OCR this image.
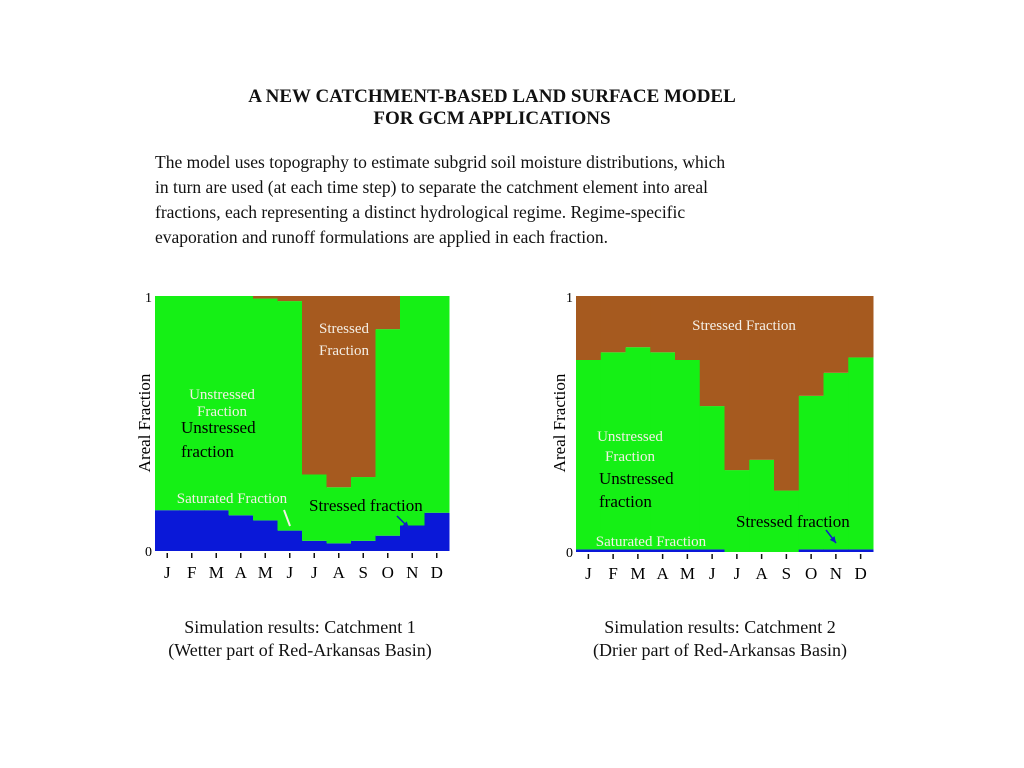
A NEW CATCHMENT-BASED LAND SURFACE MODEL
FOR GCM APPLICATIONS
The model uses topography to estimate subgrid soil moisture distributions, which
in turn are used (at each time step) to separate the catchment element into areal
fractions, each representing a distinct hydrological regime. Regime-specific
evaporation and runoff formulations are applied in each fraction.
1
0
Areal Fraction
J F M A M J J A S O N D
Stressed
Fraction
Unstressed
Fraction
Saturated Fraction
Unstressed
fraction
Stressed fraction
1
0
Areal Fraction
J F M A M J J A S O N D
Stressed Fraction
Unstressed
Fraction
Saturated Fraction
Unstressed
fraction
Stressed fraction
Simulation results: Catchment 1
(Wetter part of Red-Arkansas Basin)
Simulation results: Catchment 2
(Drier part of Red-Arkansas Basin)
